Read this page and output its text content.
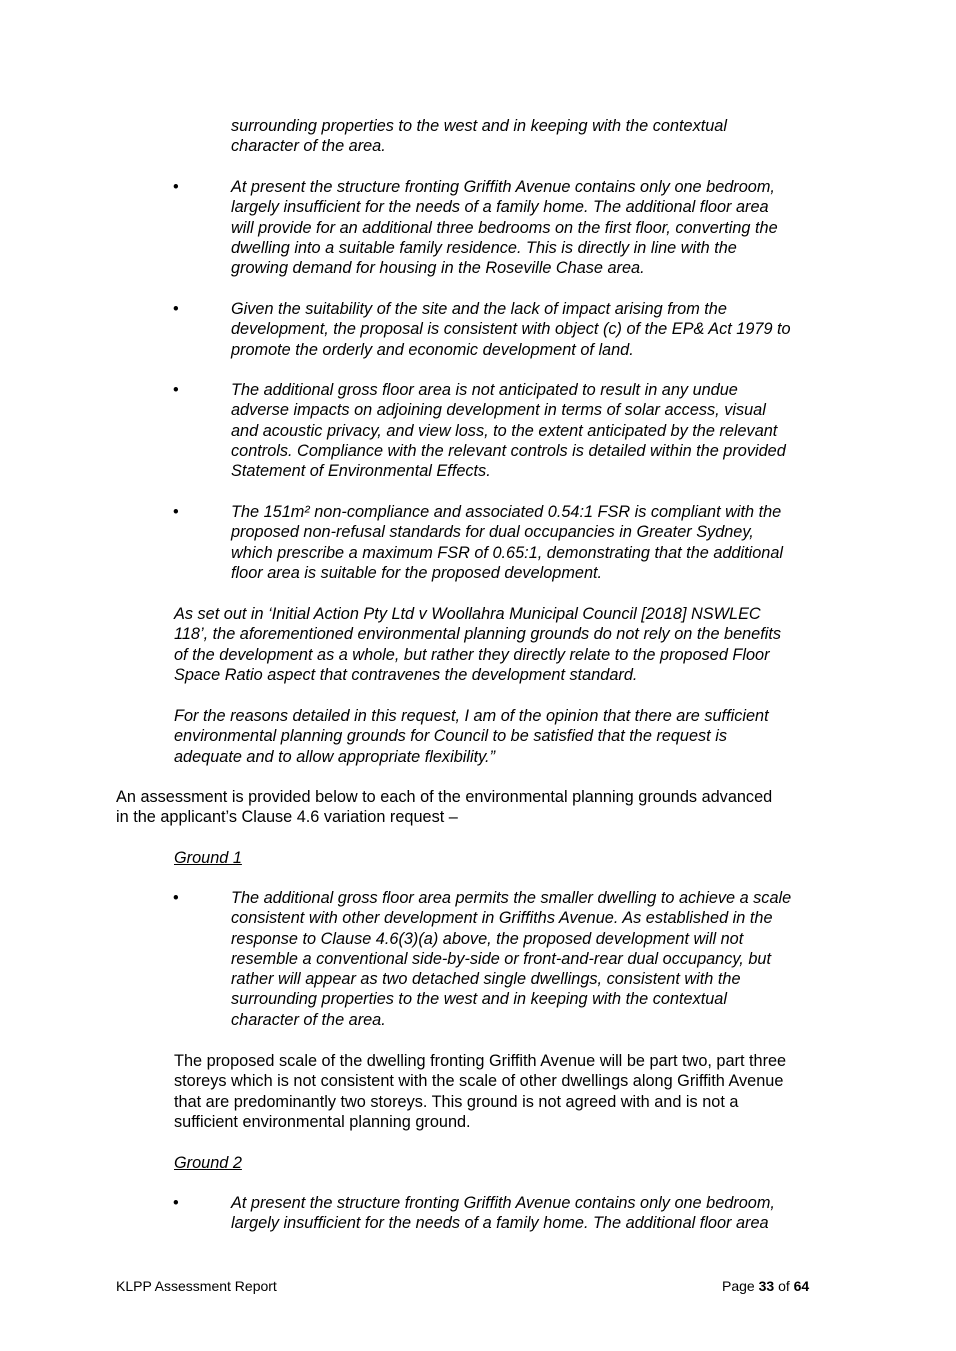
surrounding properties to the west and in keeping with the contextual
character of the area.

•	At present the structure fronting Griffith Avenue contains only one bedroom,
largely insufficient for the needs of a family home. The additional floor area
will provide for an additional three bedrooms on the first floor, converting the
dwelling into a suitable family residence. This is directly in line with the
growing demand for housing in the Roseville Chase area.

•	Given the suitability of the site and the lack of impact arising from the
development, the proposal is consistent with object (c) of the EP& Act 1979 to
promote the orderly and economic development of land.

•	The additional gross floor area is not anticipated to result in any undue
adverse impacts on adjoining development in terms of solar access, visual
and acoustic privacy, and view loss, to the extent anticipated by the relevant
controls. Compliance with the relevant controls is detailed within the provided
Statement of Environmental Effects.

•	The 151m² non-compliance and associated 0.54:1 FSR is compliant with the
proposed non-refusal standards for dual occupancies in Greater Sydney,
which prescribe a maximum FSR of 0.65:1, demonstrating that the additional
floor area is suitable for the proposed development.

As set out in ‘Initial Action Pty Ltd v Woollahra Municipal Council [2018] NSWLEC
118’, the aforementioned environmental planning grounds do not rely on the benefits
of the development as a whole, but rather they directly relate to the proposed Floor
Space Ratio aspect that contravenes the development standard.

For the reasons detailed in this request, I am of the opinion that there are sufficient
environmental planning grounds for Council to be satisfied that the request is
adequate and to allow appropriate flexibility.”

An assessment is provided below to each of the environmental planning grounds advanced
in the applicant’s Clause 4.6 variation request –

Ground 1

•	The additional gross floor area permits the smaller dwelling to achieve a scale
consistent with other development in Griffiths Avenue. As established in the
response to Clause 4.6(3)(a) above, the proposed development will not
resemble a conventional side-by-side or front-and-rear dual occupancy, but
rather will appear as two detached single dwellings, consistent with the
surrounding properties to the west and in keeping with the contextual
character of the area.

The proposed scale of the dwelling fronting Griffith Avenue will be part two, part three
storeys which is not consistent with the scale of other dwellings along Griffith Avenue
that are predominantly two storeys. This ground is not agreed with and is not a
sufficient environmental planning ground.

Ground 2

•	At present the structure fronting Griffith Avenue contains only one bedroom,
largely insufficient for the needs of a family home. The additional floor area

KLPP Assessment Report	Page 33 of 64
